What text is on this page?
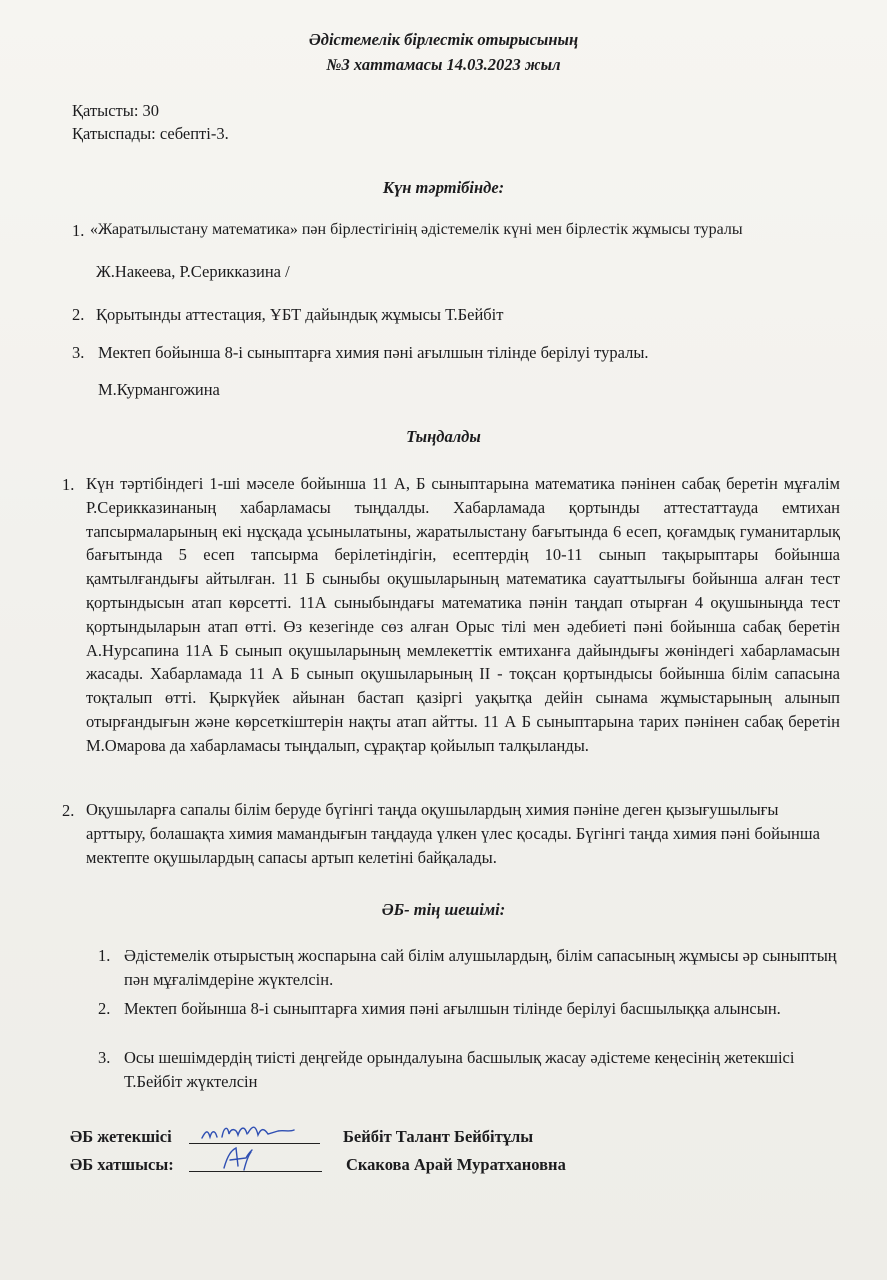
Әдістемелік бірлестік отырысының
№3 хаттамасы 14.03.2023 жыл
Қатысты: 30
Қатыспады: себепті-3.
Күн тәртібінде:
1. «Жаратылыстану математика» пән бірлестігінің әдістемелік күні мен бірлестік жұмысы туралы
Ж.Накеева, Р.Серикказина /
2. Қорытынды аттестация, ҰБТ дайындық жұмысы Т.Бейбіт
3. Мектеп бойынша 8-і сыныптарға химия пәні ағылшын тілінде берілуі туралы.
М.Курмангожина
Тыңдалды
1. Күн тәртібіндегі 1-ші мәселе бойынша 11 А, Б сыныптарына математика пәнінен сабақ беретін мұғалім Р.Серикказинаның хабарламасы тыңдалды. Хабарламада қортынды аттестаттауда емтихан тапсырмаларының екі нұсқада ұсынылатыны, жаратылыстану бағытында 6 есеп, қоғамдық гуманитарлық бағытында 5 есеп тапсырма берілетіндігін, есептердің 10-11 сынып тақырыптары бойынша қамтылғандығы айтылған. 11 Б сыныбы оқушыларының математика сауаттылығы бойынша алған тест қортындысын атап көрсетті. 11А сыныбындағы математика пәнін таңдап отырған 4 оқушыныңда тест қортындыларын атап өтті. Өз кезегінде сөз алған Орыс тілі мен әдебиеті пәні бойынша сабақ беретін А.Нурсапина 11А Б сынып оқушыларының мемлекеттік емтиханға дайындығы жөніндегі хабарламасын жасады. Хабарламада 11 А Б сынып оқушыларының II - тоқсан қортындысы бойынша білім сапасына тоқталып өтті. Қыркүйек айынан бастап қазіргі уақытқа дейін сынама жұмыстарының алынып отырғандығын және көрсеткіштерін нақты атап айтты. 11 А Б сыныптарына тарих пәнінен сабақ беретін М.Омарова да хабарламасы тыңдалып, сұрақтар қойылып талқыланды.
2. Оқушыларға сапалы білім беруде бүгінгі таңда оқушылардың химия пәніне деген қызығушылығы арттыру, болашақта химия мамандығын таңдауда үлкен үлес қосады. Бүгінгі таңда химия пәні бойынша мектепте оқушылардың сапасы артып келетіні байқалады.
ӘБ- тің шешімі:
1. Әдістемелік отырыстың жоспарына сай білім алушылардың, білім сапасының жұмысы әр сыныптың пән мұғалімдеріне жүктелсін.
2. Мектеп бойынша 8-і сыныптарға химия пәні ағылшын тілінде берілуі басшылыққа алынсын.
3. Осы шешімдердің тиісті деңгейде орындалуына басшылық жасау әдістеме кеңесінің жетекшісі Т.Бейбіт жүктелсін
ӘБ жетекшісі	Бейбіт Талант Бейбітұлы
ӘБ хатшысы:	Скакова Арай Муратхановна
